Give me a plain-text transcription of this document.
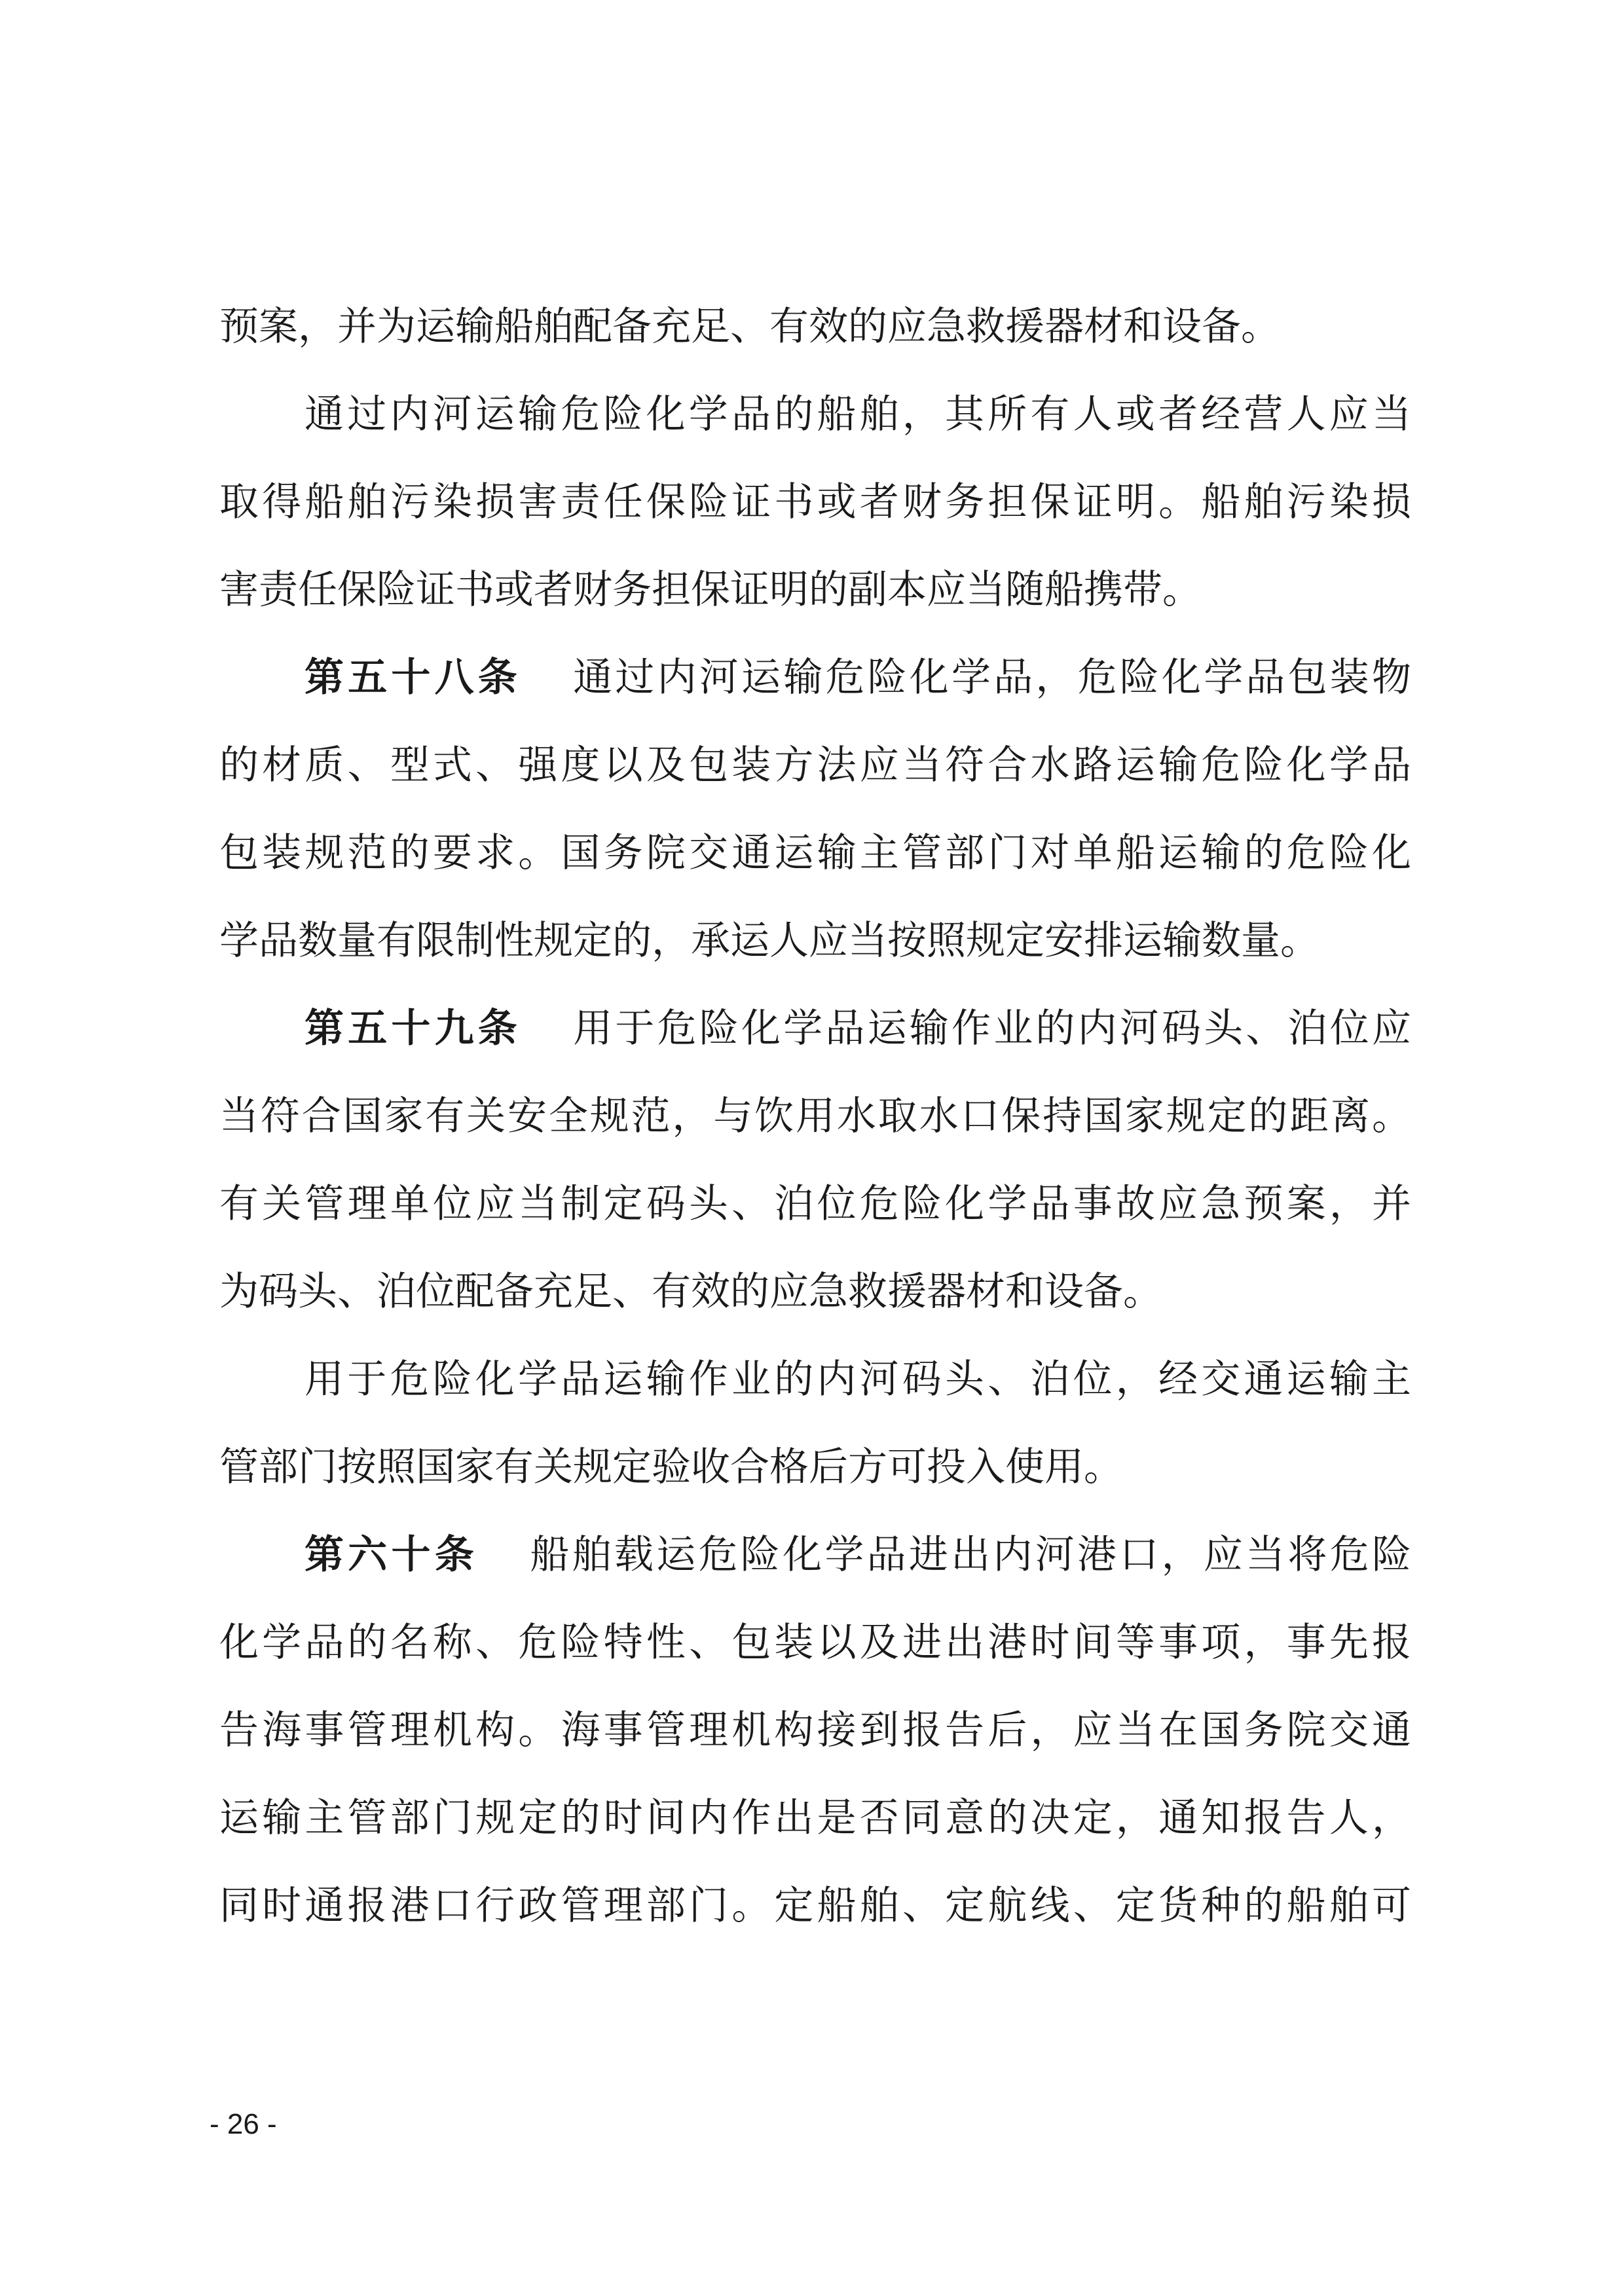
预案，并为运输船舶配备充足、有效的应急救援器材和设备。
通过内河运输危险化学品的船舶，其所有人或者经营人应当
取得船舶污染损害责任保险证书或者财务担保证明。船舶污染损
害责任保险证书或者财务担保证明的副本应当随船携带。
第五十八条 通过内河运输危险化学品，危险化学品包装物
的材质、型式、强度以及包装方法应当符合水路运输危险化学品
包装规范的要求。国务院交通运输主管部门对单船运输的危险化
学品数量有限制性规定的，承运人应当按照规定安排运输数量。
第五十九条 用于危险化学品运输作业的内河码头、泊位应
当符合国家有关安全规范，与饮用水取水口保持国家规定的距离。
有关管理单位应当制定码头、泊位危险化学品事故应急预案，并
为码头、泊位配备充足、有效的应急救援器材和设备。
用于危险化学品运输作业的内河码头、泊位，经交通运输主
管部门按照国家有关规定验收合格后方可投入使用。
第六十条 船舶载运危险化学品进出内河港口，应当将危险
化学品的名称、危险特性、包装以及进出港时间等事项，事先报
告海事管理机构。海事管理机构接到报告后，应当在国务院交通
运输主管部门规定的时间内作出是否同意的决定，通知报告人，
同时通报港口行政管理部门。定船舶、定航线、定货种的船舶可
- 26 -
